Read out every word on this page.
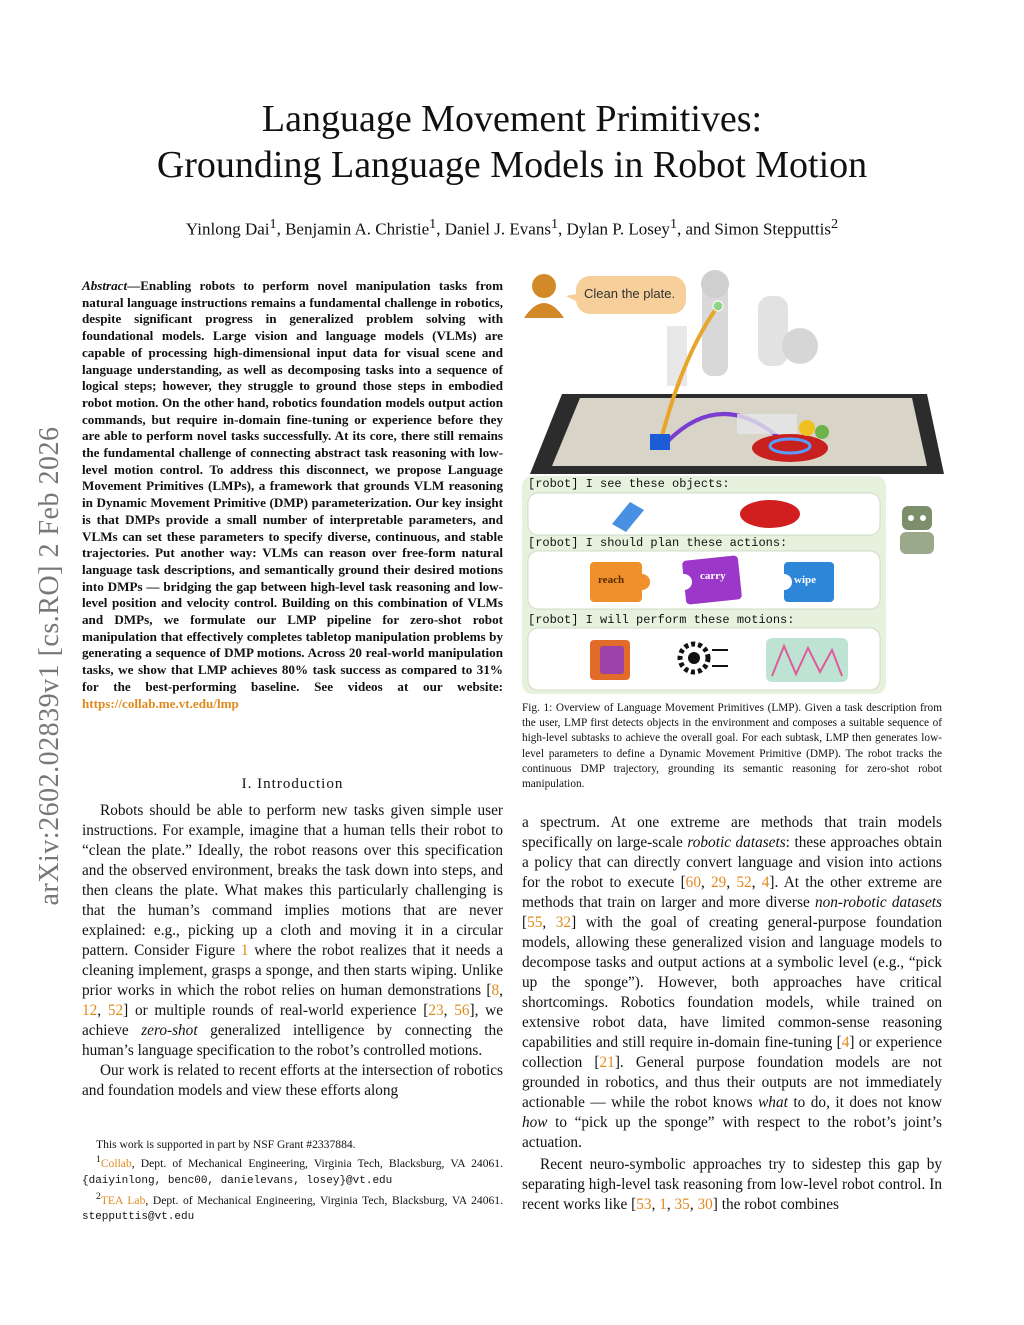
Language Movement Primitives:
Grounding Language Models in Robot Motion
Yinlong Dai$^1$, Benjamin A. Christie$^1$, Daniel J. Evans$^1$, Dylan P. Losey$^1$, and Simon Stepputtis$^2$
arXiv:2602.02839v1 [cs.RO] 2 Feb 2026
Abstract—Enabling robots to perform novel manipulation tasks from natural language instructions remains a fundamental challenge in robotics, despite significant progress in generalized problem solving with foundational models. Large vision and language models (VLMs) are capable of processing high-dimensional input data for visual scene and language understanding, as well as decomposing tasks into a sequence of logical steps; however, they struggle to ground those steps in embodied robot motion. On the other hand, robotics foundation models output action commands, but require in-domain fine-tuning or experience before they are able to perform novel tasks successfully. At its core, there still remains the fundamental challenge of connecting abstract task reasoning with low-level motion control. To address this disconnect, we propose Language Movement Primitives (LMPs), a framework that grounds VLM reasoning in Dynamic Movement Primitive (DMP) parameterization. Our key insight is that DMPs provide a small number of interpretable parameters, and VLMs can set these parameters to specify diverse, continuous, and stable trajectories. Put another way: VLMs can reason over free-form natural language task descriptions, and semantically ground their desired motions into DMPs — bridging the gap between high-level task reasoning and low-level position and velocity control. Building on this combination of VLMs and DMPs, we formulate our LMP pipeline for zero-shot robot manipulation that effectively completes tabletop manipulation problems by generating a sequence of DMP motions. Across 20 real-world manipulation tasks, we show that LMP achieves 80% task success as compared to 31% for the best-performing baseline. See videos at our website: https://collab.me.vt.edu/lmp
I. Introduction

Robots should be able to perform new tasks given simple user instructions. For example, imagine that a human tells their robot to “clean the plate.” Ideally, the robot reasons over this specification and the observed environment, breaks the task down into steps, and then cleans the plate. What makes this particularly challenging is that the human’s command implies motions that are never explained: e.g., picking up a cloth and moving it in a circular pattern. Consider Figure 1 where the robot realizes that it needs a cleaning implement, grasps a sponge, and then starts wiping. Unlike prior works in which the robot relies on human demonstrations [8, 12, 52] or multiple rounds of real-world experience [23, 56], we achieve zero-shot generalized intelligence by connecting the human’s language specification to the robot’s controlled motions.

Our work is related to recent efforts at the intersection of robotics and foundation models and view these efforts along

This work is supported in part by NSF Grant #2337884.

$^1$Collab, Dept. of Mechanical Engineering, Virginia Tech, Blacksburg, VA 24061. {daiyinlong, benc00, danielevans, losey}@vt.edu

$^2$TEA Lab, Dept. of Mechanical Engineering, Virginia Tech, Blacksburg, VA 24061. stepputtis@vt.edu

Clean the plate.
[robot] I see these objects:
[robot] I should plan these actions:
[robot] I will perform these motions:
reach	carry	wipe
Fig. 1: Overview of Language Movement Primitives (LMP). Given a task description from the user, LMP first detects objects in the environment and composes a suitable sequence of high-level subtasks to achieve the overall goal. For each subtask, LMP then generates low-level parameters to define a Dynamic Movement Primitive (DMP). The robot tracks the continuous DMP trajectory, grounding its semantic reasoning for zero-shot robot manipulation.

a spectrum. At one extreme are methods that train models specifically on large-scale robotic datasets: these approaches obtain a policy that can directly convert language and vision into actions for the robot to execute [60, 29, 52, 4]. At the other extreme are methods that train on larger and more diverse non-robotic datasets [55, 32] with the goal of creating general-purpose foundation models, allowing these generalized vision and language models to decompose tasks and output actions at a symbolic level (e.g., “pick up the sponge”). However, both approaches have critical shortcomings. Robotics foundation models, while trained on extensive robot data, have limited common-sense reasoning capabilities and still require in-domain fine-tuning [4] or experience collection [21]. General purpose foundation models are not grounded in robotics, and thus their outputs are not immediately actionable — while the robot knows what to do, it does not know how to “pick up the sponge” with respect to the robot’s joint’s actuation.

Recent neuro-symbolic approaches try to sidestep this gap by separating high-level task reasoning from low-level robot control. In recent works like [53, 1, 35, 30] the robot combines
